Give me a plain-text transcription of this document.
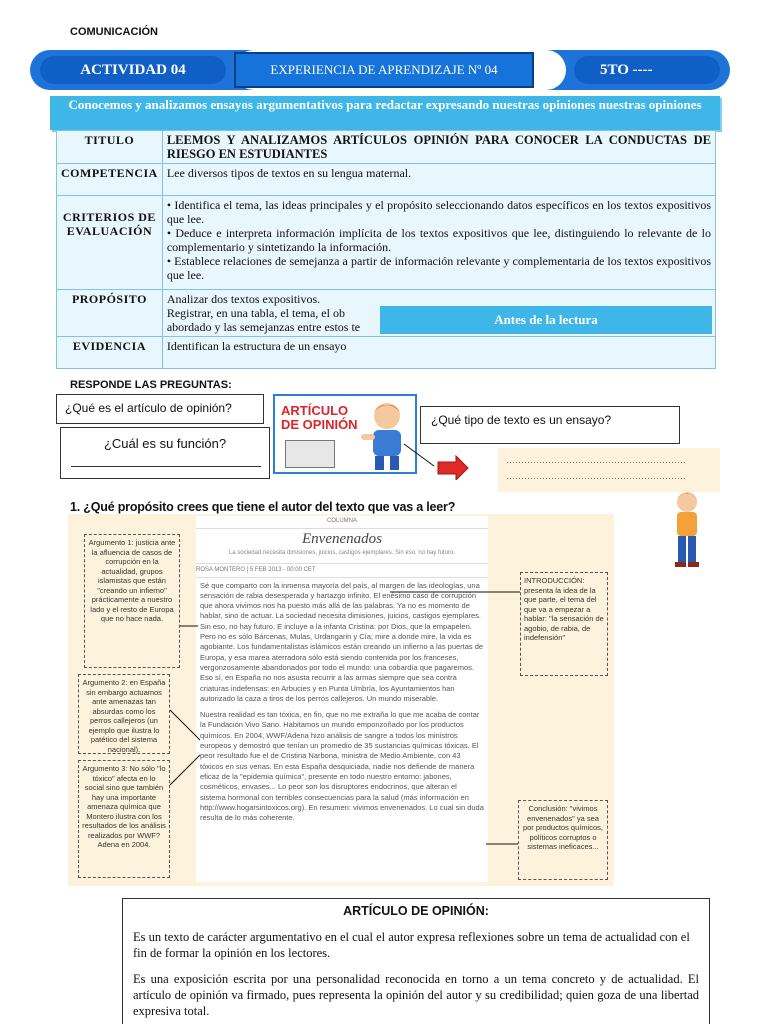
COMUNICACIÓN
ACTIVIDAD 04	EXPERIENCIA DE APRENDIZAJE Nº 04	5TO ----
Conocemos y analizamos ensayos argumentativos para redactar expresando nuestras opiniones nuestras opiniones
TITULO	LEEMOS Y ANALIZAMOS ARTÍCULOS OPINIÓN PARA CONOCER LA CONDUCTAS DE RIESGO EN ESTUDIANTES
COMPETENCIA	Lee diversos tipos de textos en su lengua maternal.
CRITERIOS DE EVALUACIÓN	• Identifica el tema, las ideas principales y el propósito seleccionando datos específicos en los textos expositivos que lee.
• Deduce e interpreta información implícita de los textos expositivos que lee, distinguiendo lo relevante de lo complementario y sintetizando la información.
• Establece relaciones de semejanza a partir de información relevante y complementaria de los textos expositivos que lee.

PROPÓSITO	Analizar dos textos expositivos.
Registrar, en una tabla, el tema, el ob
abordado y las semejanzas entre estos te

EVIDENCIA	Identifican la estructura de un ensayo
Antes de la lectura
RESPONDE LAS PREGUNTAS:
¿Qué es el artículo de opinión?
¿Cuál es su función?
ARTÍCULO
DE OPINIÓN	¿Qué tipo de texto es un ensayo?
……………………………………………………
……………………………………………………
1. ¿Qué propósito crees que tiene el autor del texto que vas a leer?
Argumento 1: justicia ante la afluencia de casos de corrupción en la actualidad, grupos islamistas que están "creando un infierno" prácticamente a nuestro lado y el resto de Europa que no hace nada.
Argumento 2: en España sin embargo actuamos ante amenazas tan absurdas como los perros callejeros (un ejemplo que ilustra lo patético del sistema nacional).
Argumento 3: No sólo "lo tóxico" afecta en lo social sino que también hay una importante amenaza química que Montero ilustra con los resultados de los análisis realizados por WWF? Adena en 2004.
COLUMNA
Envenenados
La sociedad necesita dimisiones, juicios, castigos ejemplares. Sin eso, no hay futuro.
ROSA MONTERO | 5 FEB 2013 - 00:00 CET

Sé que comparto con la inmensa mayoría del país, al margen de las ideologías, una sensación de rabia desesperada y hartazgo infinito. El enésimo caso de corrupción que ahora vivimos nos ha puesto más allá de las palabras. Ya no es momento de hablar, sino de actuar. La sociedad necesita dimisiones, juicios, castigos ejemplares. Sin eso, no hay futuro. E incluye a la infanta Cristina: por Dios, que la empapelen. Pero no es sólo Bárcenas, Mulas, Urdangarin y Cía; mire a donde mire, la vida es agobiante. Los fundamentalistas islámicos están creando un infierno a las puertas de Europa, y esa marea aterradora sólo está siendo contenida por los franceses, vergonzosamente abandonados por todo el mundo: una cobardía que pagaremos. Eso sí, en España no nos asusta recurrir a las armas siempre que sea contra criaturas indefensas: en Arbucies y en Punta Umbría, los Ayuntamientos han autorizado la caza a tiros de los perros callejeros. Un mundo miserable.

Nuestra realidad es tan tóxica, en fin, que no me extraña lo que me acaba de contar la Fundación Vivo Sano. Habitamos un mundo emponzoñado por los productos químicos. En 2004, WWF/Adena hizo análisis de sangre a todos los ministros europeos y demostró que tenían un promedio de 35 sustancias químicas tóxicas. El peor resultado fue el de Cristina Narbona, ministra de Medio Ambiente, con 43 tóxicos en sus venas. En esta España desquiciada, nadie nos defiende de manera eficaz de la "epidemia química", presente en todo nuestro entorno: jabones, cosméticos, envases... Lo peor son los disruptores endocrinos, que alteran el sistema hormonal con terribles consecuencias para la salud (más información en http://www.hogarsintoxicos.org). En resumen: vivimos envenenados. Lo cual sin duda resulta de lo más coherente.

INTRODUCCIÓN: presenta la idea de la que parte, el tema del que va a empezar a hablar: "la sensación de agobio, de rabia, de indefensión"
Conclusión: "vivimos envenenados" ya sea por productos químicos, políticos corruptos o sistemas ineficaces...
ARTÍCULO DE OPINIÓN:

Es un texto de carácter argumentativo en el cual el autor expresa reflexiones sobre un tema de actualidad con el fin de formar la opinión en los lectores.

Es una exposición escrita por una personalidad reconocida en torno a un tema concreto y de actualidad. El artículo de opinión va firmado, pues representa la opinión del autor y su credibilidad; quien goza de una libertad expresiva total.
